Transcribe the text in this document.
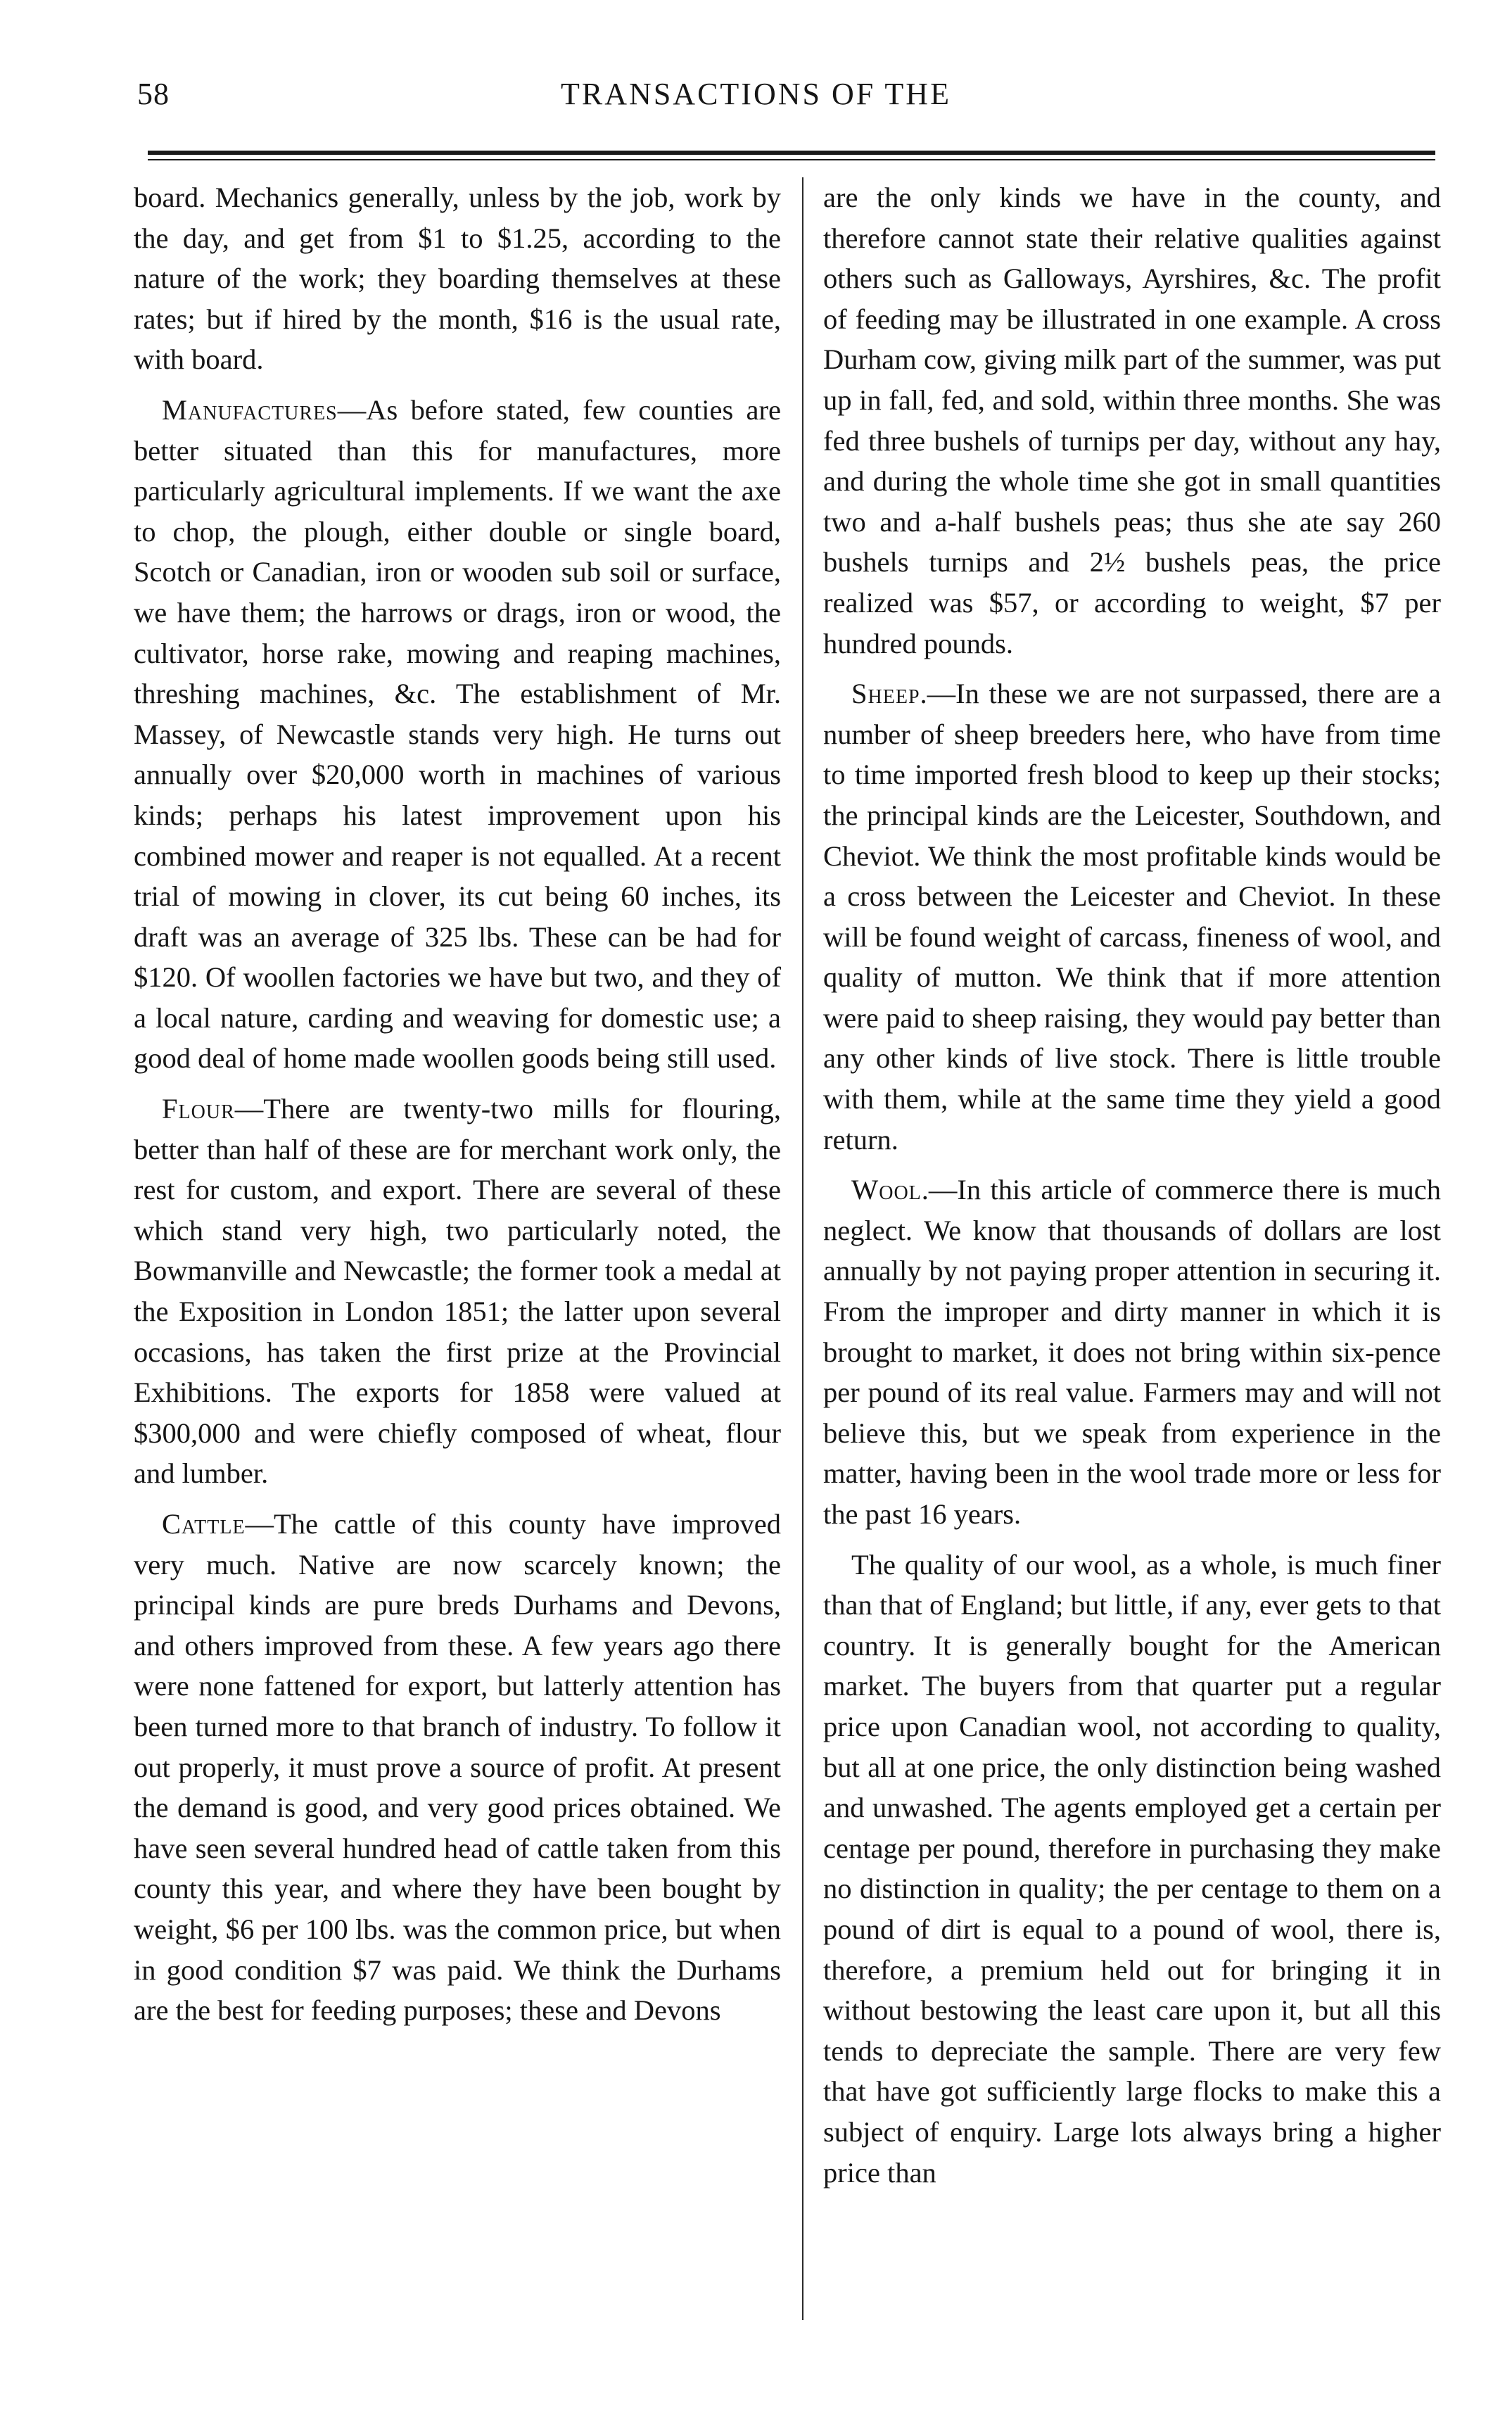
58	TRANSACTIONS OF THE

board. Mechanics generally, unless by the job, work by the day, and get from $1 to $1.25, according to the nature of the work; they boarding themselves at these rates; but if hired by the month, $16 is the usual rate, with board.

Manufactures—As before stated, few counties are better situated than this for manufactures, more particularly agricultural implements. If we want the axe to chop, the plough, either double or single board, Scotch or Canadian, iron or wooden sub soil or surface, we have them; the harrows or drags, iron or wood, the cultivator, horse rake, mowing and reaping machines, threshing machines, &c. The establishment of Mr. Massey, of Newcastle stands very high. He turns out annually over $20,000 worth in machines of various kinds; perhaps his latest improvement upon his combined mower and reaper is not equalled. At a recent trial of mowing in clover, its cut being 60 inches, its draft was an average of 325 lbs. These can be had for $120. Of woollen factories we have but two, and they of a local nature, carding and weaving for domestic use; a good deal of home made woollen goods being still used.

Flour—There are twenty-two mills for flouring, better than half of these are for merchant work only, the rest for custom, and export. There are several of these which stand very high, two particularly noted, the Bowmanville and Newcastle; the former took a medal at the Exposition in London 1851; the latter upon several occasions, has taken the first prize at the Provincial Exhibitions. The exports for 1858 were valued at $300,000 and were chiefly composed of wheat, flour and lumber.

Cattle—The cattle of this county have improved very much. Native are now scarcely known; the principal kinds are pure breds Durhams and Devons, and others improved from these. A few years ago there were none fattened for export, but latterly attention has been turned more to that branch of industry. To follow it out properly, it must prove a source of profit. At present the demand is good, and very good prices obtained. We have seen several hundred head of cattle taken from this county this year, and where they have been bought by weight, $6 per 100 lbs. was the common price, but when in good condition $7 was paid. We think the Durhams are the best for feeding purposes; these and Devons

are the only kinds we have in the county, and therefore cannot state their relative qualities against others such as Galloways, Ayrshires, &c. The profit of feeding may be illustrated in one example. A cross Durham cow, giving milk part of the summer, was put up in fall, fed, and sold, within three months. She was fed three bushels of turnips per day, without any hay, and during the whole time she got in small quantities two and a-half bushels peas; thus she ate say 260 bushels turnips and 2½ bushels peas, the price realized was $57, or according to weight, $7 per hundred pounds.

Sheep.—In these we are not surpassed, there are a number of sheep breeders here, who have from time to time imported fresh blood to keep up their stocks; the principal kinds are the Leicester, Southdown, and Cheviot. We think the most profitable kinds would be a cross between the Leicester and Cheviot. In these will be found weight of carcass, fineness of wool, and quality of mutton. We think that if more attention were paid to sheep raising, they would pay better than any other kinds of live stock. There is little trouble with them, while at the same time they yield a good return.

Wool.—In this article of commerce there is much neglect. We know that thousands of dollars are lost annually by not paying proper attention in securing it. From the improper and dirty manner in which it is brought to market, it does not bring within six-pence per pound of its real value. Farmers may and will not believe this, but we speak from experience in the matter, having been in the wool trade more or less for the past 16 years.

The quality of our wool, as a whole, is much finer than that of England; but little, if any, ever gets to that country. It is generally bought for the American market. The buyers from that quarter put a regular price upon Canadian wool, not according to quality, but all at one price, the only distinction being washed and unwashed. The agents employed get a certain per centage per pound, therefore in purchasing they make no distinction in quality; the per centage to them on a pound of dirt is equal to a pound of wool, there is, therefore, a premium held out for bringing it in without bestowing the least care upon it, but all this tends to depreciate the sample. There are very few that have got sufficiently large flocks to make this a subject of enquiry. Large lots always bring a higher price than
